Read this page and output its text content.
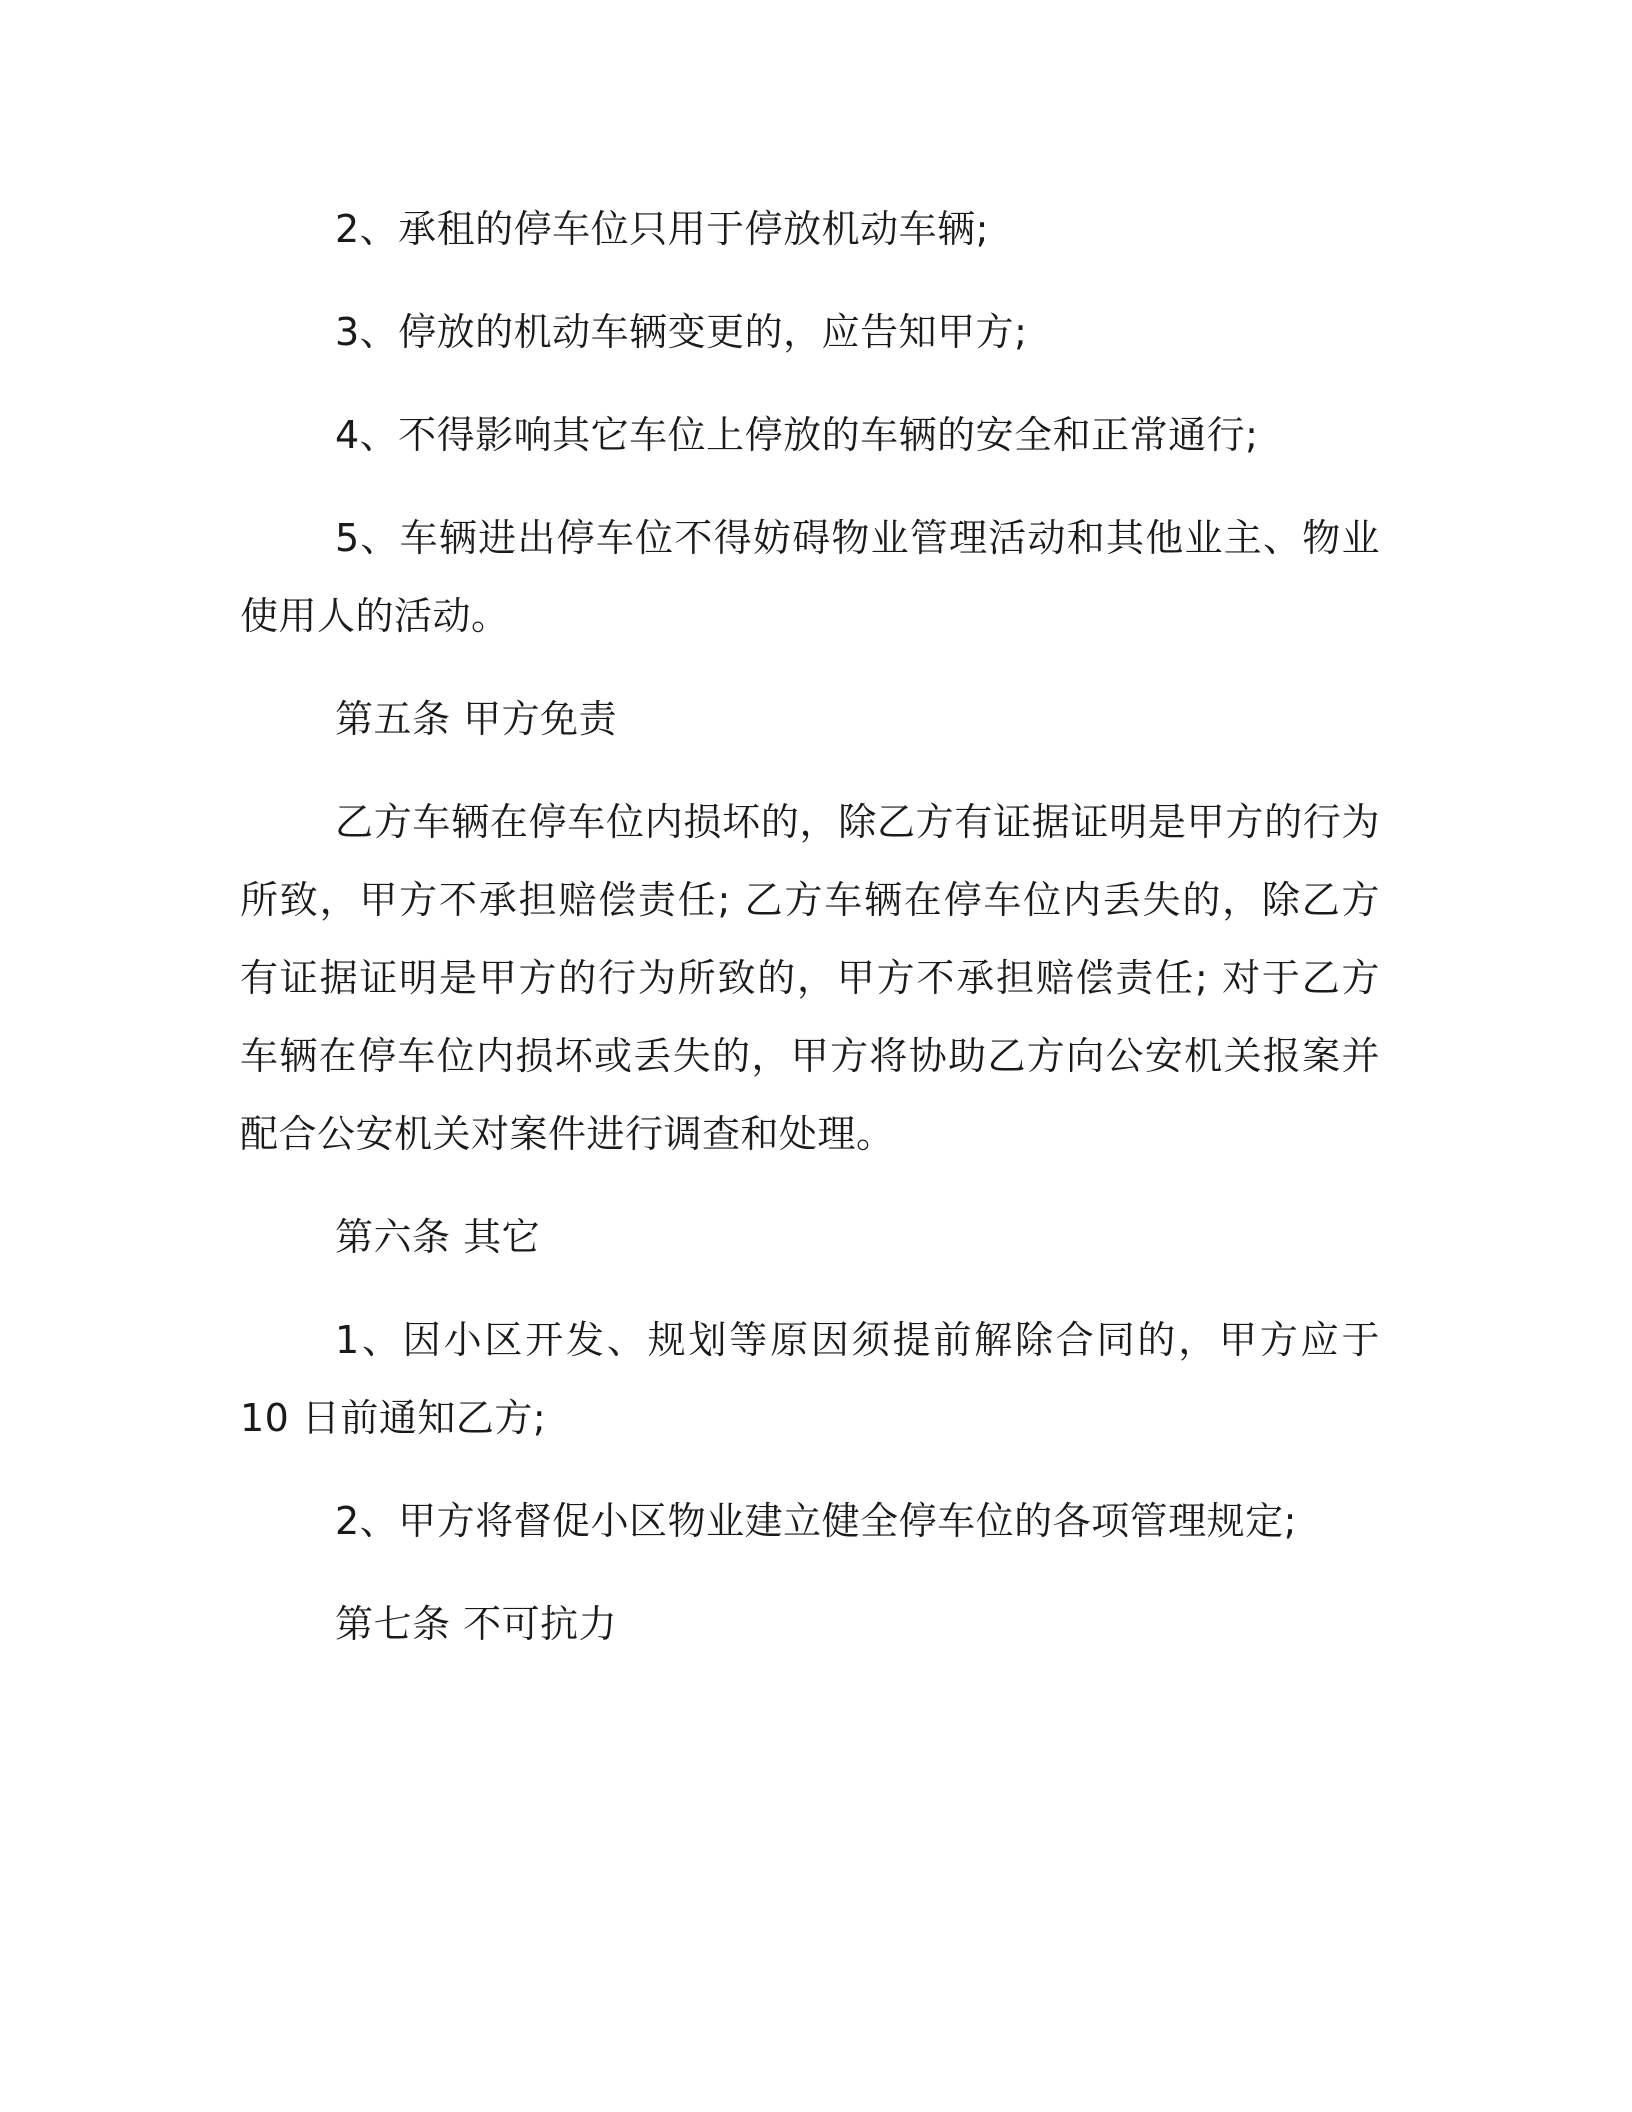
2、承租的停车位只用于停放机动车辆;

3、停放的机动车辆变更的，应告知甲方;

4、不得影响其它车位上停放的车辆的安全和正常通行;

5、车辆进出停车位不得妨碍物业管理活动和其他业主、物业使用人的活动。

第五条 甲方免责

乙方车辆在停车位内损坏的，除乙方有证据证明是甲方的行为所致，甲方不承担赔偿责任; 乙方车辆在停车位内丢失的，除乙方有证据证明是甲方的行为所致的，甲方不承担赔偿责任; 对于乙方车辆在停车位内损坏或丢失的，甲方将协助乙方向公安机关报案并配合公安机关对案件进行调查和处理。

第六条 其它

1、因小区开发、规划等原因须提前解除合同的，甲方应于 10 日前通知乙方;

2、甲方将督促小区物业建立健全停车位的各项管理规定;

第七条 不可抗力
